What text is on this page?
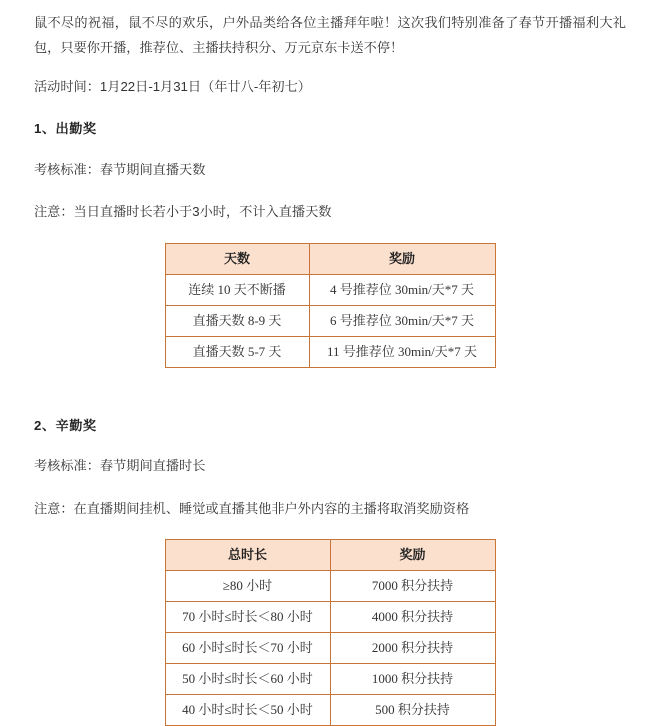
鼠不尽的祝福，鼠不尽的欢乐，户外品类给各位主播拜年啦！这次我们特别准备了春节开播福利大礼包，只要你开播，推荐位、主播扶持积分、万元京东卡送不停！

活动时间：1月22日-1月31日（年廿八-年初七）

1、出勤奖

考核标准：春节期间直播天数

注意：当日直播时长若小于3小时，不计入直播天数

天数	奖励
连续 10 天不断播	4 号推荐位 30min/天*7 天
直播天数 8-9 天	6 号推荐位 30min/天*7 天
直播天数 5-7 天	11 号推荐位 30min/天*7 天
2、辛勤奖

考核标准：春节期间直播时长

注意：在直播期间挂机、睡觉或直播其他非户外内容的主播将取消奖励资格

总时长	奖励
≥80 小时	7000 积分扶持
70 小时≤时长＜80 小时	4000 积分扶持
60 小时≤时长＜70 小时	2000 积分扶持
50 小时≤时长＜60 小时	1000 积分扶持
40 小时≤时长＜50 小时	500 积分扶持
